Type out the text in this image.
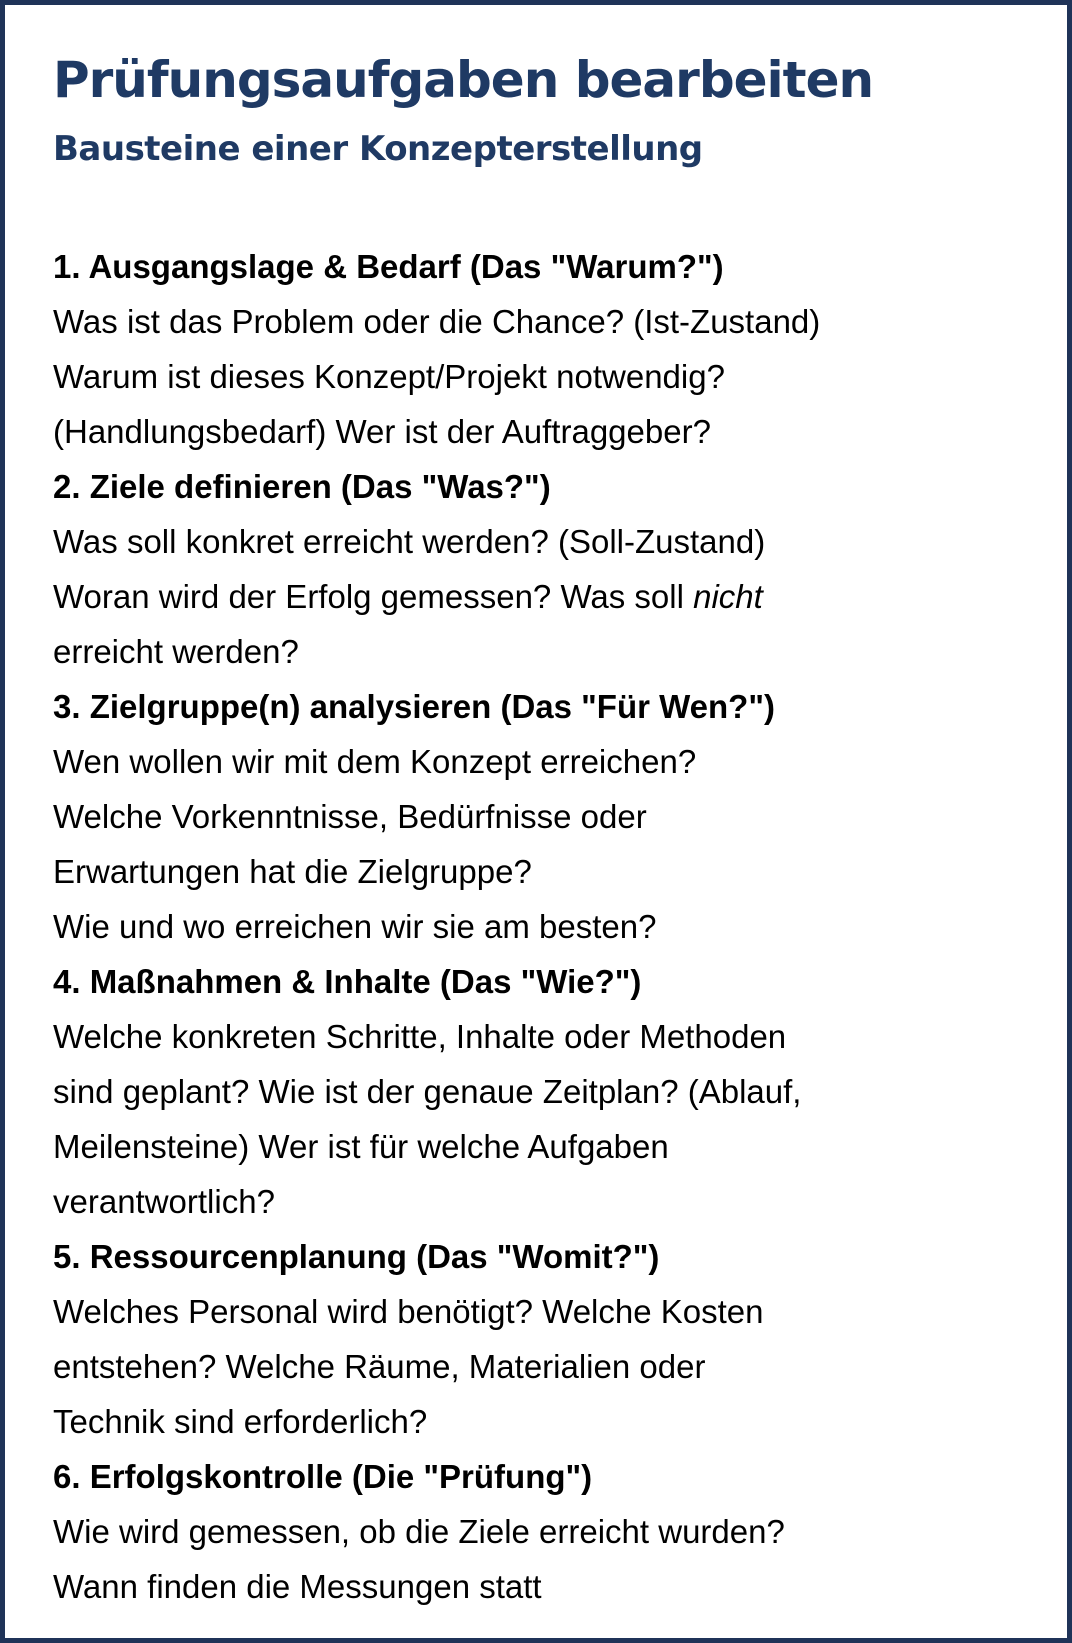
Prüfungsaufgaben bearbeiten
Bausteine einer Konzepterstellung
1. Ausgangslage & Bedarf (Das "Warum?")
Was ist das Problem oder die Chance? (Ist-Zustand)
Warum ist dieses Konzept/Projekt notwendig?
(Handlungsbedarf) Wer ist der Auftraggeber?
2. Ziele definieren (Das "Was?")
Was soll konkret erreicht werden? (Soll-Zustand)
Woran wird der Erfolg gemessen? Was soll nicht
erreicht werden?
3. Zielgruppe(n) analysieren (Das "Für Wen?")
Wen wollen wir mit dem Konzept erreichen?
Welche Vorkenntnisse, Bedürfnisse oder
Erwartungen hat die Zielgruppe?
Wie und wo erreichen wir sie am besten?
4. Maßnahmen & Inhalte (Das "Wie?")
Welche konkreten Schritte, Inhalte oder Methoden
sind geplant? Wie ist der genaue Zeitplan? (Ablauf,
Meilensteine) Wer ist für welche Aufgaben
verantwortlich?
5. Ressourcenplanung (Das "Womit?")
Welches Personal wird benötigt? Welche Kosten
entstehen? Welche Räume, Materialien oder
Technik sind erforderlich?
6. Erfolgskontrolle (Die "Prüfung")
Wie wird gemessen, ob die Ziele erreicht wurden?
Wann finden die Messungen statt
